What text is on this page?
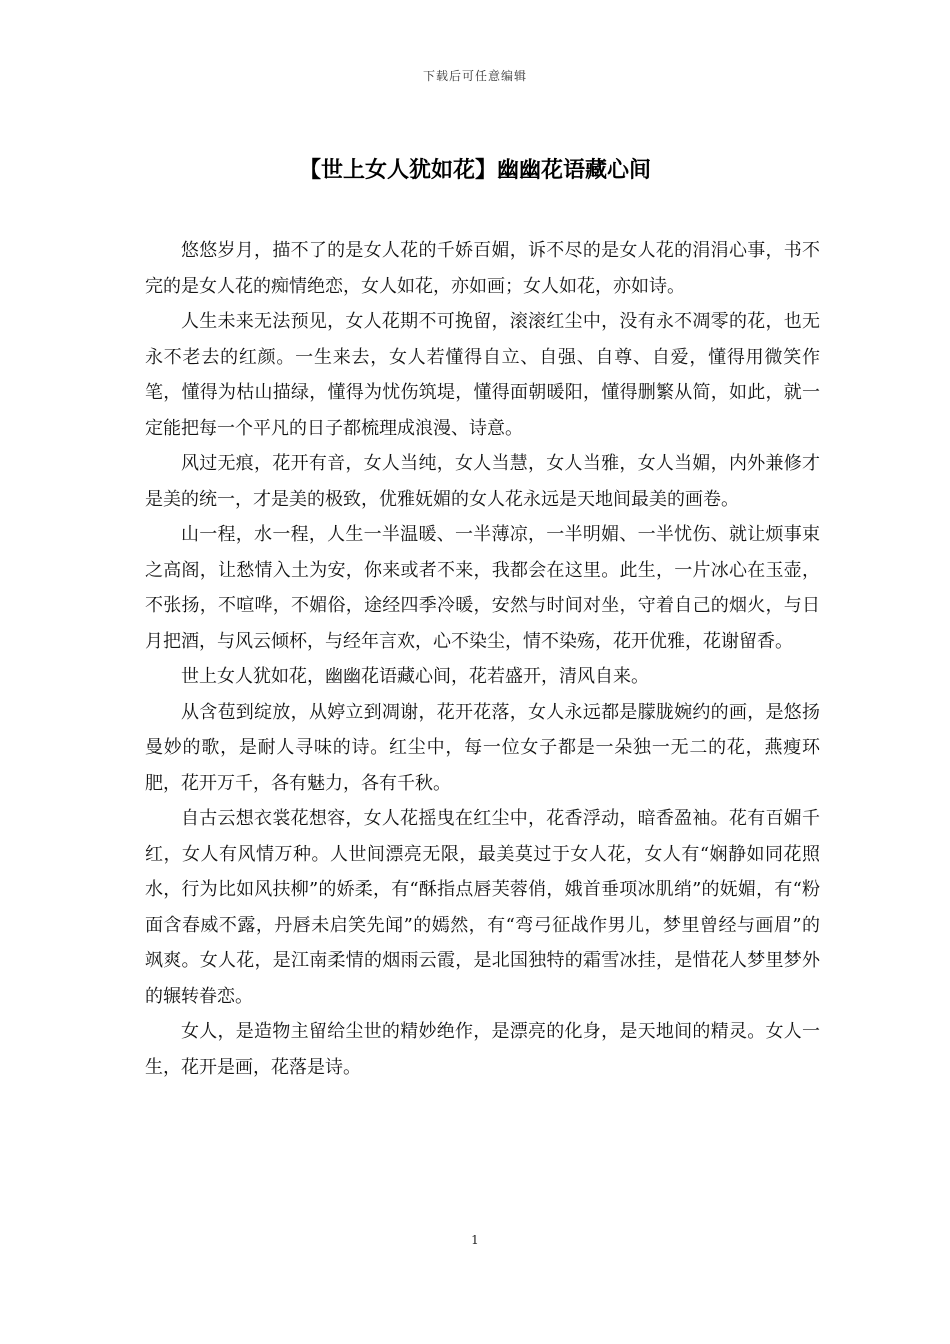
下载后可任意编辑
【世上女人犹如花】幽幽花语藏心间

悠悠岁月，描不了的是女人花的千娇百媚，诉不尽的是女人花的涓涓心事，书不完的是女人花的痴情绝恋，女人如花，亦如画；女人如花，亦如诗。

人生未来无法预见，女人花期不可挽留，滚滚红尘中，没有永不凋零的花，也无永不老去的红颜。一生来去，女人若懂得自立、自强、自尊、自爱，懂得用微笑作笔，懂得为枯山描绿，懂得为忧伤筑堤，懂得面朝暖阳，懂得删繁从简，如此，就一定能把每一个平凡的日子都梳理成浪漫、诗意。

风过无痕，花开有音，女人当纯，女人当慧，女人当雅，女人当媚，内外兼修才是美的统一，才是美的极致，优雅妩媚的女人花永远是天地间最美的画卷。

山一程，水一程，人生一半温暖、一半薄凉，一半明媚、一半忧伤、就让烦事束之高阁，让愁情入土为安，你来或者不来，我都会在这里。此生，一片冰心在玉壶，不张扬，不喧哗，不媚俗，途经四季冷暖，安然与时间对坐，守着自己的烟火，与日月把酒，与风云倾杯，与经年言欢，心不染尘，情不染殇，花开优雅，花谢留香。

世上女人犹如花，幽幽花语藏心间，花若盛开，清风自来。

从含苞到绽放，从婷立到凋谢，花开花落，女人永远都是朦胧婉约的画，是悠扬曼妙的歌，是耐人寻味的诗。红尘中，每一位女子都是一朵独一无二的花，燕瘦环肥，花开万千，各有魅力，各有千秋。

自古云想衣裳花想容，女人花摇曳在红尘中，花香浮动，暗香盈袖。花有百媚千红，女人有风情万种。人世间漂亮无限，最美莫过于女人花，女人有“娴静如同花照水，行为比如风扶柳”的娇柔，有“酥指点唇芙蓉俏，娥首垂项冰肌绡”的妩媚，有“粉面含春威不露，丹唇未启笑先闻”的嫣然，有“弯弓征战作男儿，梦里曾经与画眉”的飒爽。女人花，是江南柔情的烟雨云霞，是北国独特的霜雪冰挂，是惜花人梦里梦外的辗转眷恋。

女人，是造物主留给尘世的精妙绝作，是漂亮的化身，是天地间的精灵。女人一生，花开是画，花落是诗。

1
